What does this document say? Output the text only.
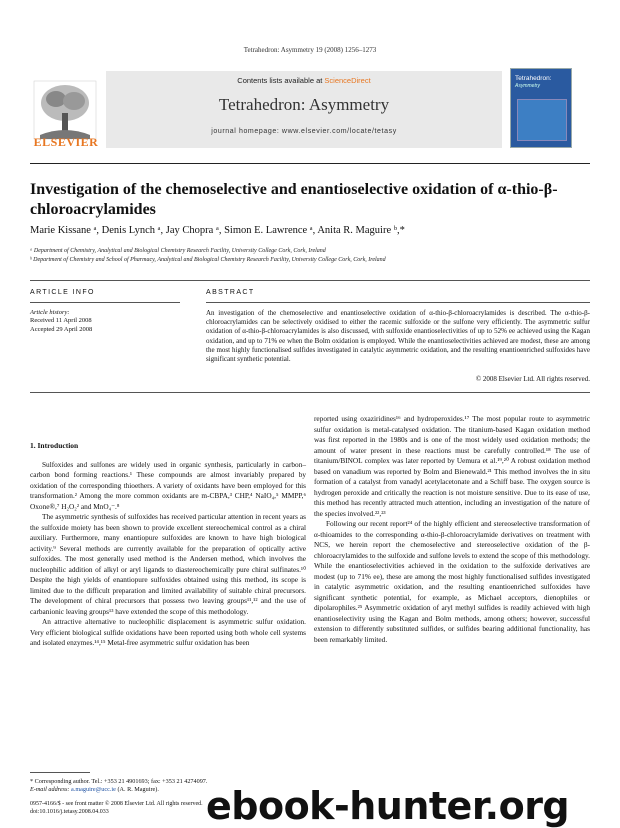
Tetrahedron: Asymmetry 19 (2008) 1256–1273
ELSEVIER
Contents lists available at ScienceDirect
Tetrahedron: Asymmetry
journal homepage: www.elsevier.com/locate/tetasy
Tetrahedron:
Asymmetry
Investigation of the chemoselective and enantioselective oxidation of α-thio-β-chloroacrylamides
Marie Kissane ᵃ, Denis Lynch ᵃ, Jay Chopra ᵃ, Simon E. Lawrence ᵃ, Anita R. Maguire ᵇ,*
ᵃ Department of Chemistry, Analytical and Biological Chemistry Research Facility, University College Cork, Cork, Ireland
ᵇ Department of Chemistry and School of Pharmacy, Analytical and Biological Chemistry Research Facility, University College Cork, Cork, Ireland
ARTICLE INFO	ABSTRACT
Article history:
Received 11 April 2008
Accepted 29 April 2008
An investigation of the chemoselective and enantioselective oxidation of α-thio-β-chloroacrylamides is described. The α-thio-β-chloroacrylamides can be selectively oxidised to either the racemic sulfoxide or the sulfone very efficiently. The asymmetric sulfur oxidation of α-thio-β-chloroacrylamides is also discussed, with sulfoxide enantioselectivities of up to 52% ee achieved using the Kagan oxidation, and up to 71% ee when the Bolm oxidation is employed. While the enantioselectivities achieved are modest, these are among the most highly functionalised sulfides investigated in catalytic asymmetric oxidation, and the resulting enantioenriched sulfoxides have significant synthetic potential.
© 2008 Elsevier Ltd. All rights reserved.
1. Introduction

Sulfoxides and sulfones are widely used in organic synthesis, particularly in carbon–carbon bond forming reactions.¹ These compounds are almost invariably prepared by oxidation of the corresponding thioethers. A variety of oxidants have been employed for this transformation.² Among the more common oxidants are m-CBPA,³ CHP,⁴ NaIO₄,⁵ MMPP,⁶ Oxone®,⁷ H₂O₂² and MnO₄⁻.⁸

The asymmetric synthesis of sulfoxides has received particular attention in recent years as the sulfoxide moiety has been shown to provide excellent stereochemical control as a chiral auxiliary. Furthermore, many enantiopure sulfoxides are known to have high biological activity.⁹ Several methods are currently available for the preparation of optically active sulfoxides. The most generally used method is the Andersen method, which involves the nucleophilic addition of alkyl or aryl ligands to diastereochemically pure chiral sulfinates.¹⁰ Despite the high yields of enantiopure sulfoxides obtained using this method, its scope is limited due to the difficult preparation and limited availability of suitable chiral precursors. The development of chiral precursors that possess two leaving groups¹¹,¹² and the use of carbanionic leaving groups¹³ have extended the scope of this methodology.

An attractive alternative to nucleophilic displacement is asymmetric sulfur oxidation. Very efficient biological sulfide oxidations have been reported using both whole cell systems and isolated enzymes.¹⁴,¹⁵ Metal-free asymmetric sulfur oxidation has been

reported using oxaziridines¹⁶ and hydroperoxides.¹⁷ The most popular route to asymmetric sulfur oxidation is metal-catalysed oxidation. The titanium-based Kagan oxidation method was first reported in the 1980s and is one of the most widely used oxidation methods; the amount of water present in these reactions must be carefully controlled.¹⁸ The use of titanium/BINOL complex was later reported by Uemura et al.¹⁹,²⁰ A robust oxidation method based on vanadium was reported by Bolm and Bienewald.²¹ This method involves the in situ formation of a catalyst from vanadyl acetylacetonate and a Schiff base. The oxygen source is hydrogen peroxide and critically the reaction is not moisture sensitive. Due to its ease of use, this method has recently attracted much attention, including an investigation of the nature of the species involved.²²,²³

Following our recent report²⁴ of the highly efficient and stereoselective transformation of α-thioamides to the corresponding α-thio-β-chloroacrylamide derivatives on treatment with NCS, we herein report the chemoselective and stereoselective oxidation of the β-chloroacrylamides to the sulfoxide and sulfone levels to extend the scope of this methodology. While the enantioselectivities achieved in the oxidation to the sulfoxide derivatives are modest (up to 71% ee), these are among the most highly functionalised sulfides investigated in catalytic asymmetric oxidation, and the resulting enantioenriched sulfoxides have significant synthetic potential, for example, as Michael acceptors, dienophiles or dipolarophiles.²⁵ Asymmetric oxidation of aryl methyl sulfides is readily achieved with high enantioselectivity using the Kagan and Bolm methods, among others; however, successful extension to differently substituted sulfides, or sulfides bearing additional functionality, has been remarkably limited.

* Corresponding author. Tel.: +353 21 4901693; fax: +353 21 4274097.
E-mail address: a.maguire@ucc.ie (A. R. Maguire).
0957-4166/$ - see front matter © 2008 Elsevier Ltd. All rights reserved.
doi:10.1016/j.tetasy.2008.04.033	ebook-hunter.org
